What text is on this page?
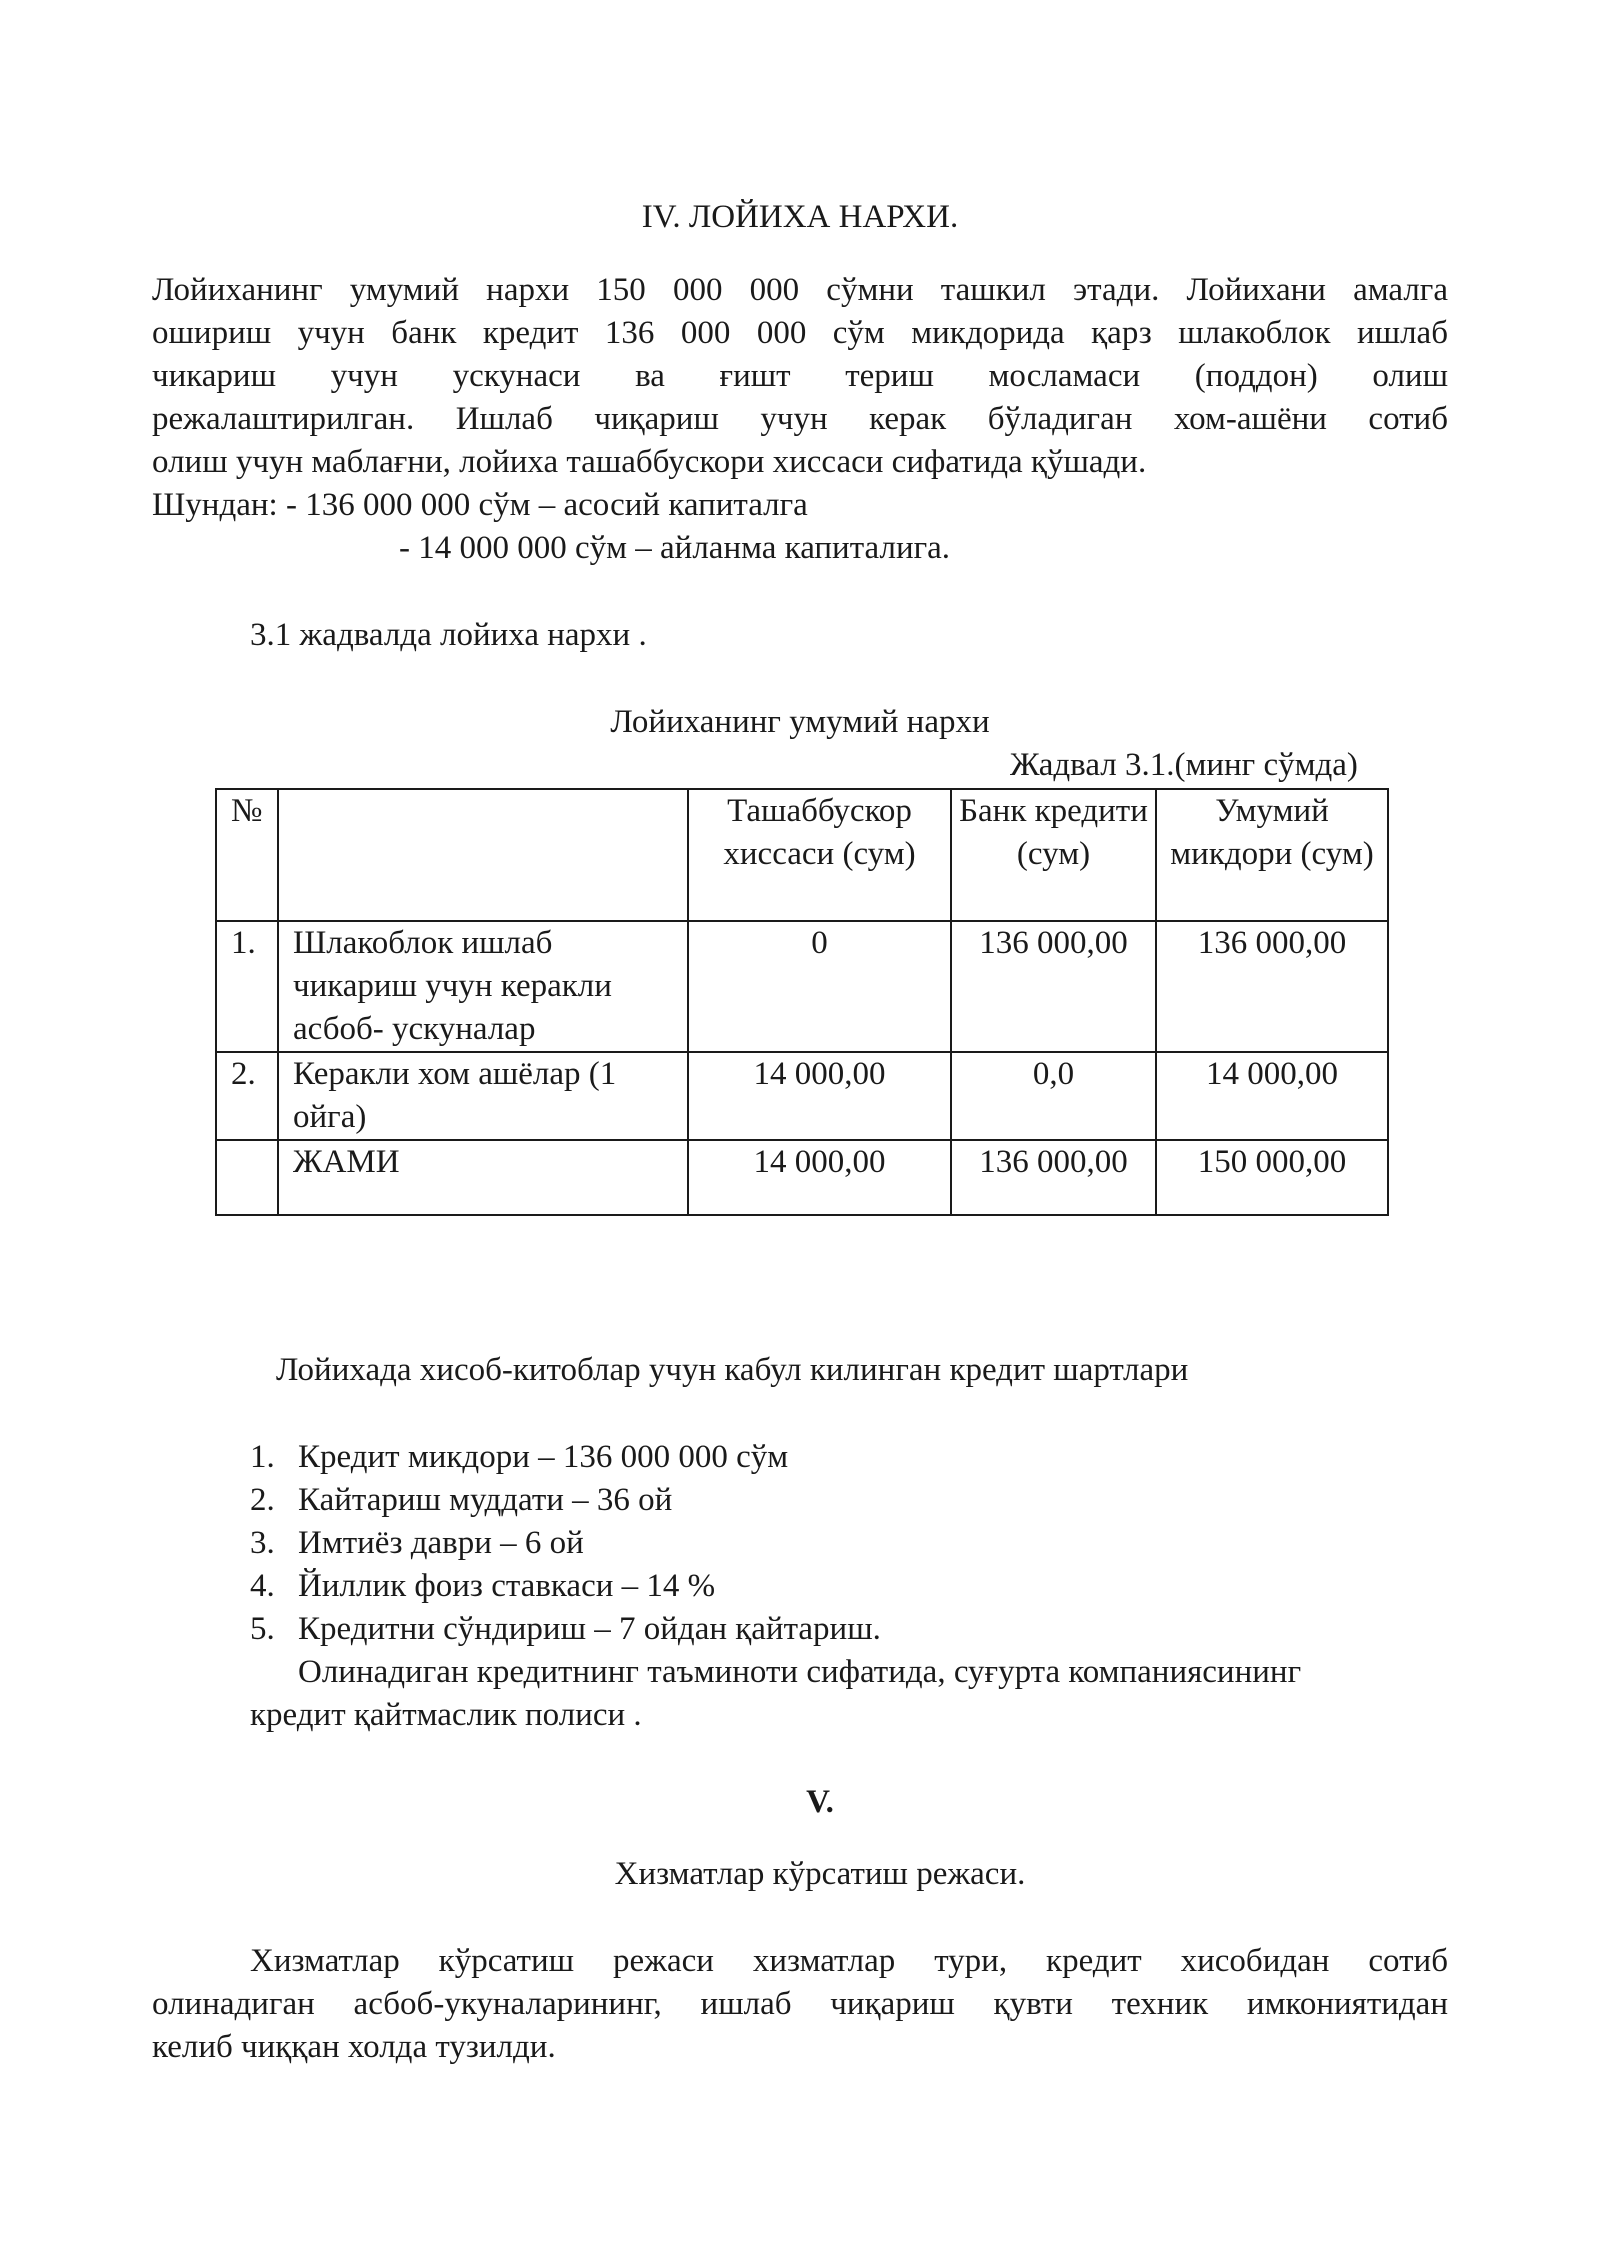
IV. ЛОЙИХА НАРХИ.
Лойиханинг умумий нархи 150 000 000 сўмни ташкил этади. Лойихани амалга
ошириш учун банк кредит 136 000 000 сўм микдорида қарз шлакоблок ишлаб
чикариш учун ускунаси ва ғишт териш мосламаси (поддон) олиш
режалаштирилган. Ишлаб чиқариш учун керак бўладиган хом-ашёни сотиб
олиш учун маблағни, лойиха ташаббускори хиссаси сифатида қўшади.
Шундан: - 136 000 000 сўм – асосий капиталга
- 14 000 000 сўм – айланма капиталига.
3.1 жадвалда лойиха нархи .
Лойиханинг умумий нархи
Жадвал 3.1.(минг сўмда)
№		Ташаббускор хиссаси (сум)	Банк кредити (сум)	Умумий микдори (сум)
1.	Шлакоблок ишлаб чикариш учун керакли асбоб- ускуналар	0	136 000,00	136 000,00
2.	Керакли хом ашёлар (1 ойга)	14 000,00	0,0	14 000,00
	ЖАМИ	14 000,00	136 000,00	150 000,00
Лойихада хисоб-китоблар учун кабул килинган кредит шартлари
1. Кредит микдори – 136 000 000 сўм
2. Кайтариш муддати – 36 ой
3. Имтиёз даври – 6 ой
4. Йиллик фоиз ставкаси – 14 %
5. Кредитни сўндириш – 7 ойдан қайтариш.
Олинадиган кредитнинг таъминоти сифатида, суғурта компаниясининг
кредит қайтмаслик полиси .
V.
Хизматлар кўрсатиш режаси.
Хизматлар кўрсатиш режаси хизматлар тури, кредит хисобидан сотиб
олинадиган асбоб-укуналарининг, ишлаб чиқариш қувти техник имкониятидан
келиб чиққан холда тузилди.
